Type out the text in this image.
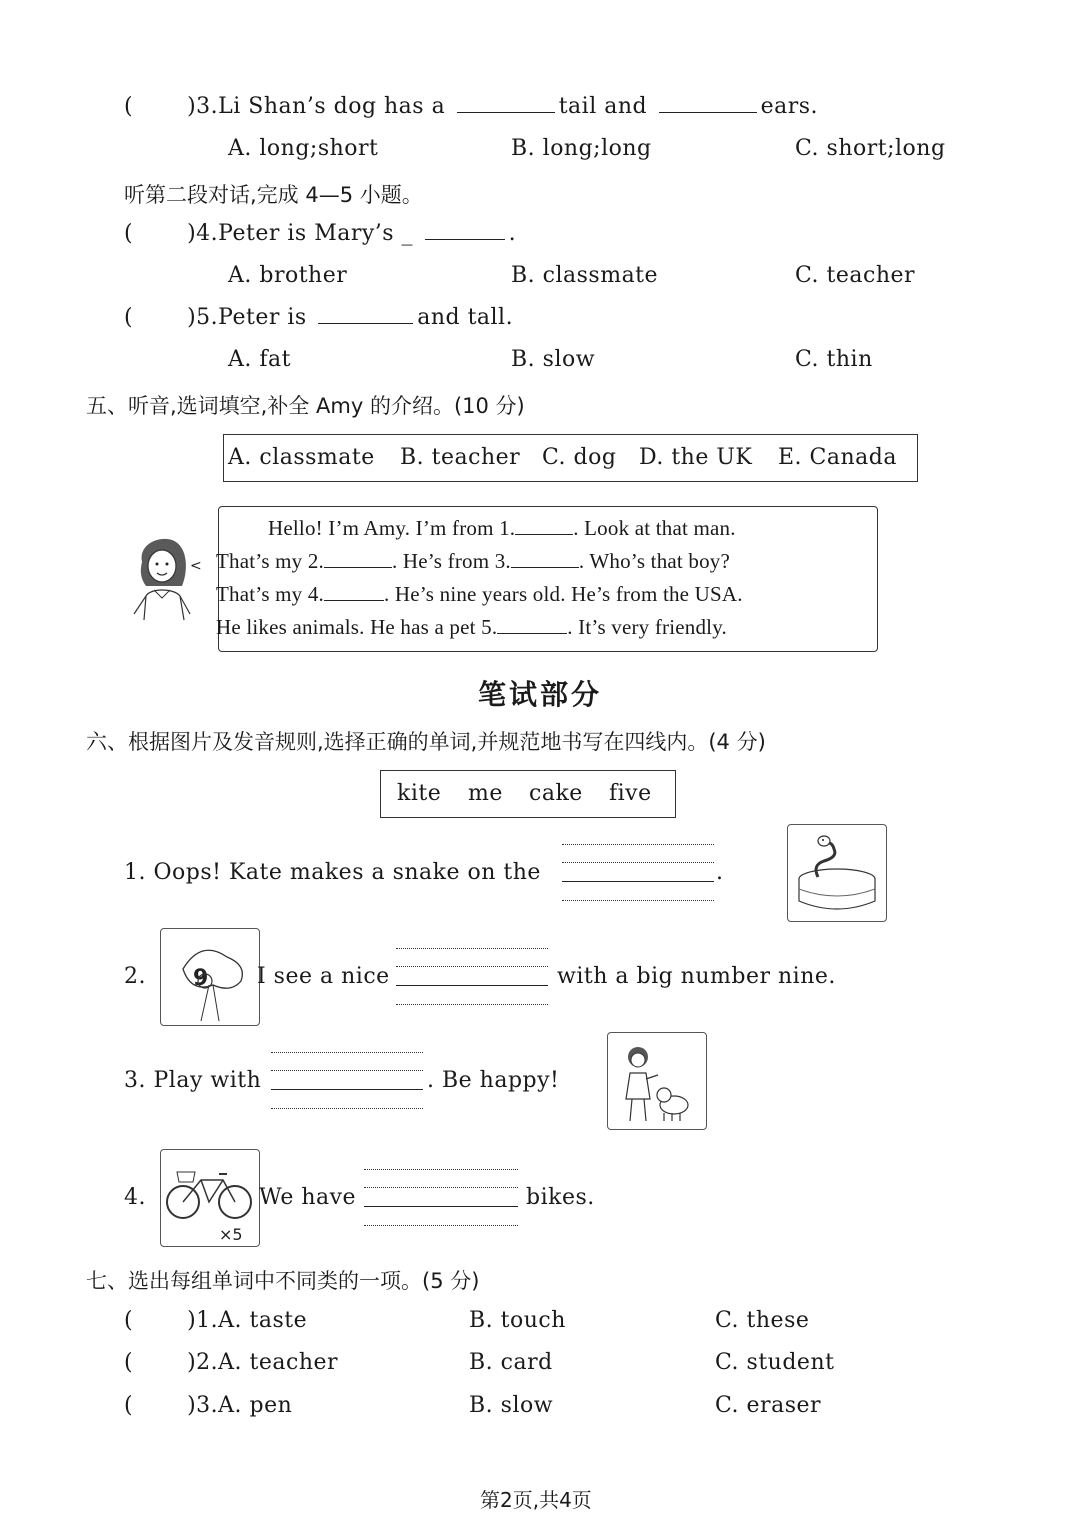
( )3.Li Shan’s dog has a	tail and	ears.
A. long;short	B. long;long	C. short;long
听第二段对话,完成 4—5 小题。
( )4.Peter is Mary’s _	.
A. brother	B. classmate	C. teacher
( )5.Peter is	and tall.
A. fat	B. slow	C. thin
五、听音,选词填空,补全 Amy 的介绍。(10 分)
A. classmate B. teacher C. dog D. the UK E. Canada
<
Hello! I’m Amy. I’m from 1.	. Look at that man.
That’s my 2.	. He’s from 3.	. Who’s that boy?
That’s my 4.	. He’s nine years old. He’s from the USA.
He likes animals. He has a pet 5.	. It’s very friendly.
笔试部分
六、根据图片及发音规则,选择正确的单词,并规范地书写在四线内。(4 分)
kite me cake five
1. Oops! Kate makes a snake on the	.
2. 9 I see a nice	with a big number nine.
3. Play with	. Be happy!
4.
×5
We have	bikes.
七、选出每组单词中不同类的一项。(5 分)
( )1.A. taste	B. touch	C. these
( )2.A. teacher	B. card	C. student
( )3.A. pen	B. slow	C. eraser
第2页,共4页
